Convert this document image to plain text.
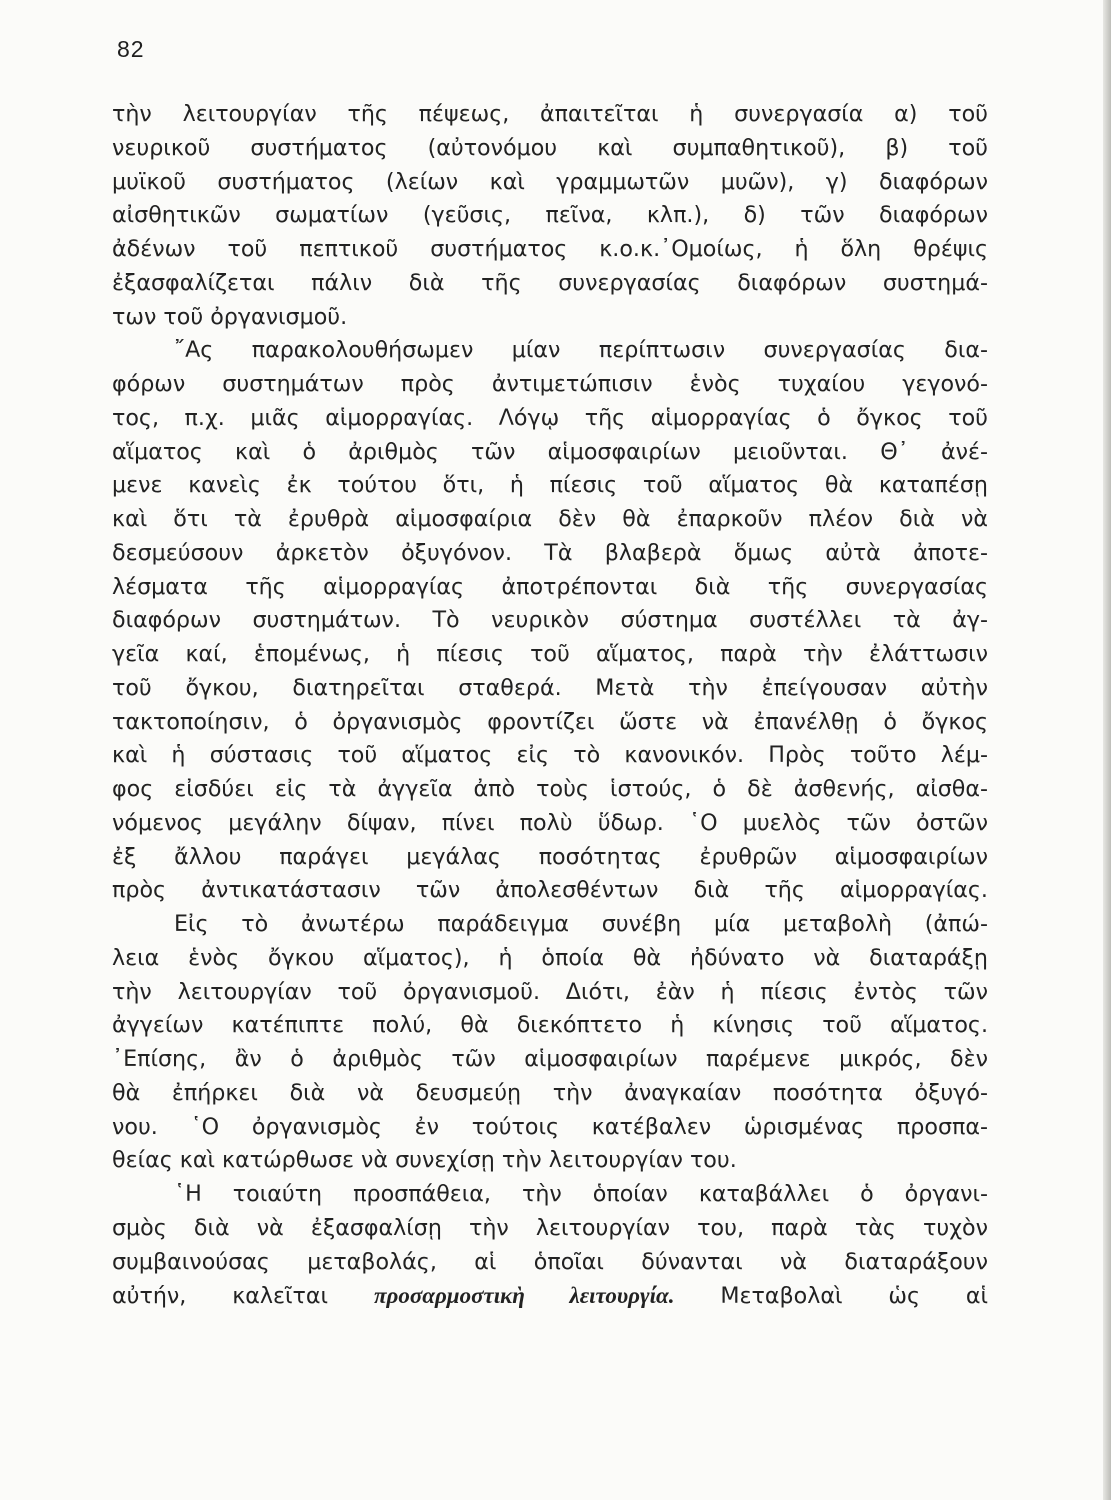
82
τὴν λειτουργίαν τῆς πέψεως, ἀπαιτεῖται ἡ συνεργασία α) τοῦ
νευρικοῦ συστήματος (αὐτονόμου καὶ συμπαθητικοῦ), β) τοῦ
μυϊκοῦ συστήματος (λείων καὶ γραμμωτῶν μυῶν), γ) διαφόρων
αἰσθητικῶν σωματίων (γεῦσις, πεῖνα, κλπ.), δ) τῶν διαφόρων
ἀδένων τοῦ πεπτικοῦ συστήματος κ.ο.κ.᾿Ομοίως, ἡ ὅλη θρέψις
ἐξασφαλίζεται πάλιν διὰ τῆς συνεργασίας διαφόρων συστημά-
των τοῦ ὀργανισμοῦ.
῎Ας παρακολουθήσωμεν μίαν περίπτωσιν συνεργασίας δια-
φόρων συστημάτων πρὸς ἀντιμετώπισιν ἑνὸς τυχαίου γεγονό-
τος, π.χ. μιᾶς αἱμορραγίας. Λόγῳ τῆς αἱμορραγίας ὁ ὄγκος τοῦ
αἵματος καὶ ὁ ἀριθμὸς τῶν αἱμοσφαιρίων μειοῦνται. Θ᾿ ἀνέ-
μενε κανεὶς ἐκ τούτου ὅτι, ἡ πίεσις τοῦ αἵματος θὰ καταπέσῃ
καὶ ὅτι τὰ ἐρυθρὰ αἱμοσφαίρια δὲν θὰ ἐπαρκοῦν πλέον διὰ νὰ
δεσμεύσουν ἀρκετὸν ὀξυγόνον. Τὰ βλαβερὰ ὅμως αὐτὰ ἀποτε-
λέσματα τῆς αἱμορραγίας ἀποτρέπονται διὰ τῆς συνεργασίας
διαφόρων συστημάτων. Τὸ νευρικὸν σύστημα συστέλλει τὰ ἀγ-
γεῖα καί, ἑπομένως, ἡ πίεσις τοῦ αἵματος, παρὰ τὴν ἐλάττωσιν
τοῦ ὄγκου, διατηρεῖται σταθερά. Μετὰ τὴν ἐπείγουσαν αὐτὴν
τακτοποίησιν, ὁ ὀργανισμὸς φροντίζει ὥστε νὰ ἐπανέλθῃ ὁ ὄγκος
καὶ ἡ σύστασις τοῦ αἵματος εἰς τὸ κανονικόν. Πρὸς τοῦτο λέμ-
φος εἰσδύει εἰς τὰ ἀγγεῖα ἀπὸ τοὺς ἱστούς, ὁ δὲ ἀσθενής, αἰσθα-
νόμενος μεγάλην δίψαν, πίνει πολὺ ὕδωρ. ῾Ο μυελὸς τῶν ὀστῶν
ἐξ ἄλλου παράγει μεγάλας ποσότητας ἐρυθρῶν αἱμοσφαιρίων
πρὸς ἀντικατάστασιν τῶν ἀπολεσθέντων διὰ τῆς αἱμορραγίας.
Εἰς τὸ ἀνωτέρω παράδειγμα συνέβη μία μεταβολὴ (ἀπώ-
λεια ἑνὸς ὄγκου αἵματος), ἡ ὁποία θὰ ἠδύνατο νὰ διαταράξῃ
τὴν λειτουργίαν τοῦ ὀργανισμοῦ. Διότι, ἐὰν ἡ πίεσις ἐντὸς τῶν
ἀγγείων κατέπιπτε πολύ, θὰ διεκόπτετο ἡ κίνησις τοῦ αἵματος.
᾿Επίσης, ἂν ὁ ἀριθμὸς τῶν αἱμοσφαιρίων παρέμενε μικρός, δὲν
θὰ ἐπήρκει διὰ νὰ δευσμεύῃ τὴν ἀναγκαίαν ποσότητα ὀξυγό-
νου. ῾Ο ὀργανισμὸς ἐν τούτοις κατέβαλεν ὡρισμένας προσπα-
θείας καὶ κατώρθωσε νὰ συνεχίσῃ τὴν λειτουργίαν του.
῾Η τοιαύτη προσπάθεια, τὴν ὁποίαν καταβάλλει ὁ ὀργανι-
σμὸς διὰ νὰ ἐξασφαλίσῃ τὴν λειτουργίαν του, παρὰ τὰς τυχὸν
συμβαινούσας μεταβολάς, αἱ ὁποῖαι δύνανται νὰ διαταράξουν
αὐτήν, καλεῖται προσαρμοστικὴ λειτουργία. Μεταβολαὶ ὡς αἱ
